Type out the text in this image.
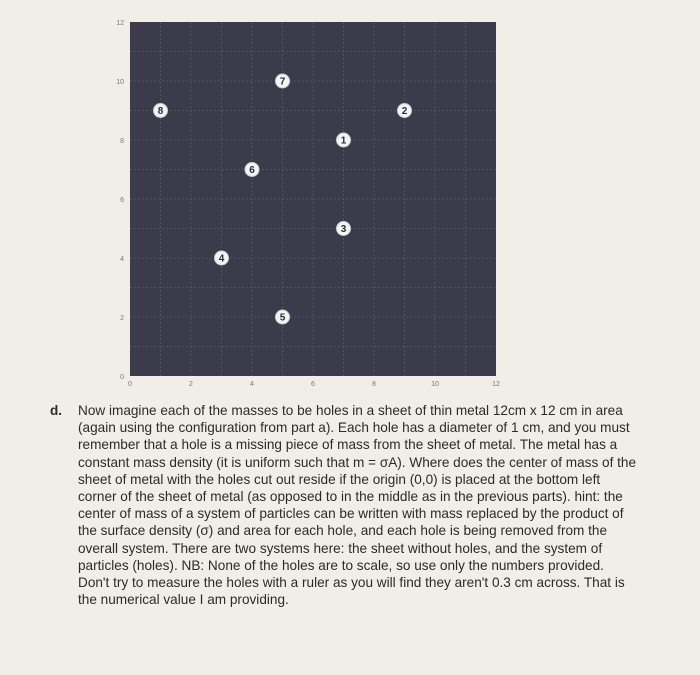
0	2	4	6	8	10	12
0
2
4
6
8
10
12
1
2
3
4
5
6
7
8
d. Now imagine each of the masses to be holes in a sheet of thin metal 12cm x 12 cm in area (again using the configuration from part a). Each hole has a diameter of 1 cm, and you must remember that a hole is a missing piece of mass from the sheet of metal. The metal has a constant mass density (it is uniform such that m = σA). Where does the center of mass of the sheet of metal with the holes cut out reside if the origin (0,0) is placed at the bottom left corner of the sheet of metal (as opposed to in the middle as in the previous parts). hint: the center of mass of a system of particles can be written with mass replaced by the product of the surface density (σ) and area for each hole, and each hole is being removed from the overall system. There are two systems here: the sheet without holes, and the system of particles (holes). NB: None of the holes are to scale, so use only the numbers provided. Don't try to measure the holes with a ruler as you will find they aren't 0.3 cm across. That is the numerical value I am providing.
